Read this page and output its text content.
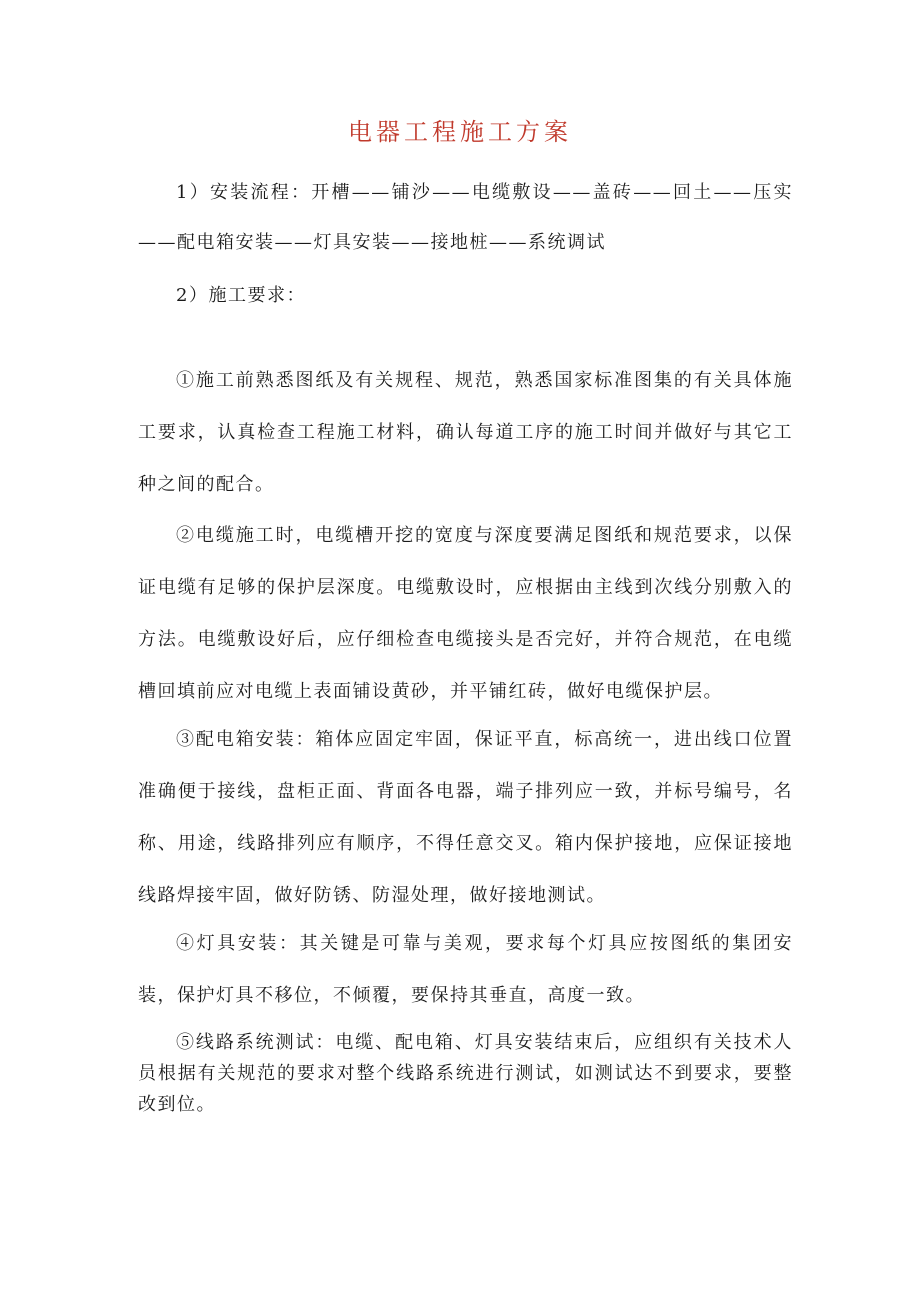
电器工程施工方案

1）安装流程：开槽——铺沙——电缆敷设——盖砖——回土——压实——配电箱安装——灯具安装——接地桩——系统调试

2）施工要求：

①施工前熟悉图纸及有关规程、规范，熟悉国家标准图集的有关具体施工要求，认真检查工程施工材料，确认每道工序的施工时间并做好与其它工种之间的配合。

②电缆施工时，电缆槽开挖的宽度与深度要满足图纸和规范要求，以保证电缆有足够的保护层深度。电缆敷设时，应根据由主线到次线分别敷入的方法。电缆敷设好后，应仔细检查电缆接头是否完好，并符合规范，在电缆槽回填前应对电缆上表面铺设黄砂，并平铺红砖，做好电缆保护层。

③配电箱安装：箱体应固定牢固，保证平直，标高统一，进出线口位置准确便于接线，盘柜正面、背面各电器，端子排列应一致，并标号编号，名称、用途，线路排列应有顺序，不得任意交叉。箱内保护接地，应保证接地线路焊接牢固，做好防锈、防湿处理，做好接地测试。

④灯具安装：其关键是可靠与美观，要求每个灯具应按图纸的集团安装，保护灯具不移位，不倾覆，要保持其垂直，高度一致。

⑤线路系统测试：电缆、配电箱、灯具安装结束后，应组织有关技术人员根据有关规范的要求对整个线路系统进行测试，如测试达不到要求，要整改到位。
